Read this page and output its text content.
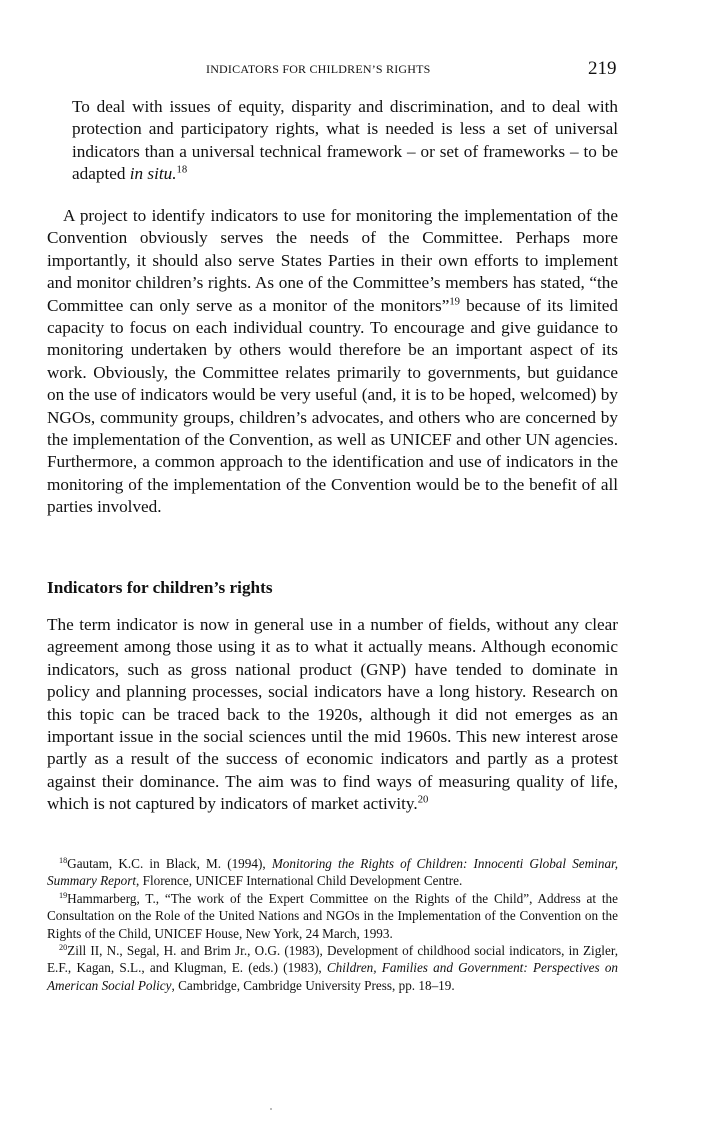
INDICATORS FOR CHILDREN’S RIGHTS	219

To deal with issues of equity, disparity and discrimination, and to deal with protection and participatory rights, what is needed is less a set of universal indicators than a universal technical framework – or set of frameworks – to be adapted in situ.$^{18}$

A project to identify indicators to use for monitoring the implementation of the Convention obviously serves the needs of the Committee. Perhaps more importantly, it should also serve States Parties in their own efforts to implement and monitor children’s rights. As one of the Committee’s members has stated, “the Committee can only serve as a monitor of the monitors”$^{19}$ because of its limited capacity to focus on each individual country. To encourage and give guidance to monitoring undertaken by others would therefore be an important aspect of its work. Obviously, the Committee relates primarily to governments, but guidance on the use of indicators would be very useful (and, it is to be hoped, welcomed) by NGOs, community groups, children’s advocates, and others who are concerned by the implementation of the Convention, as well as UNICEF and other UN agencies. Furthermore, a common approach to the identification and use of indicators in the monitoring of the implementation of the Convention would be to the benefit of all parties involved.

Indicators for children’s rights

The term indicator is now in general use in a number of fields, without any clear agreement among those using it as to what it actually means. Although economic indicators, such as gross national product (GNP) have tended to dominate in policy and planning processes, social indicators have a long history. Research on this topic can be traced back to the 1920s, although it did not emerges as an important issue in the social sciences until the mid 1960s. This new interest arose partly as a result of the success of economic indicators and partly as a protest against their dominance. The aim was to find ways of measuring quality of life, which is not captured by indicators of market activity.$^{20}$

$^{18}$Gautam, K.C. in Black, M. (1994), Monitoring the Rights of Children: Innocenti Global Seminar, Summary Report, Florence, UNICEF International Child Development Centre.

$^{19}$Hammarberg, T., “The work of the Expert Committee on the Rights of the Child”, Address at the Consultation on the Role of the United Nations and NGOs in the Implementation of the Convention on the Rights of the Child, UNICEF House, New York, 24 March, 1993.

$^{20}$Zill II, N., Segal, H. and Brim Jr., O.G. (1983), Development of childhood social indicators, in Zigler, E.F., Kagan, S.L., and Klugman, E. (eds.) (1983), Children, Families and Government: Perspectives on American Social Policy, Cambridge, Cambridge University Press, pp. 18–19.
